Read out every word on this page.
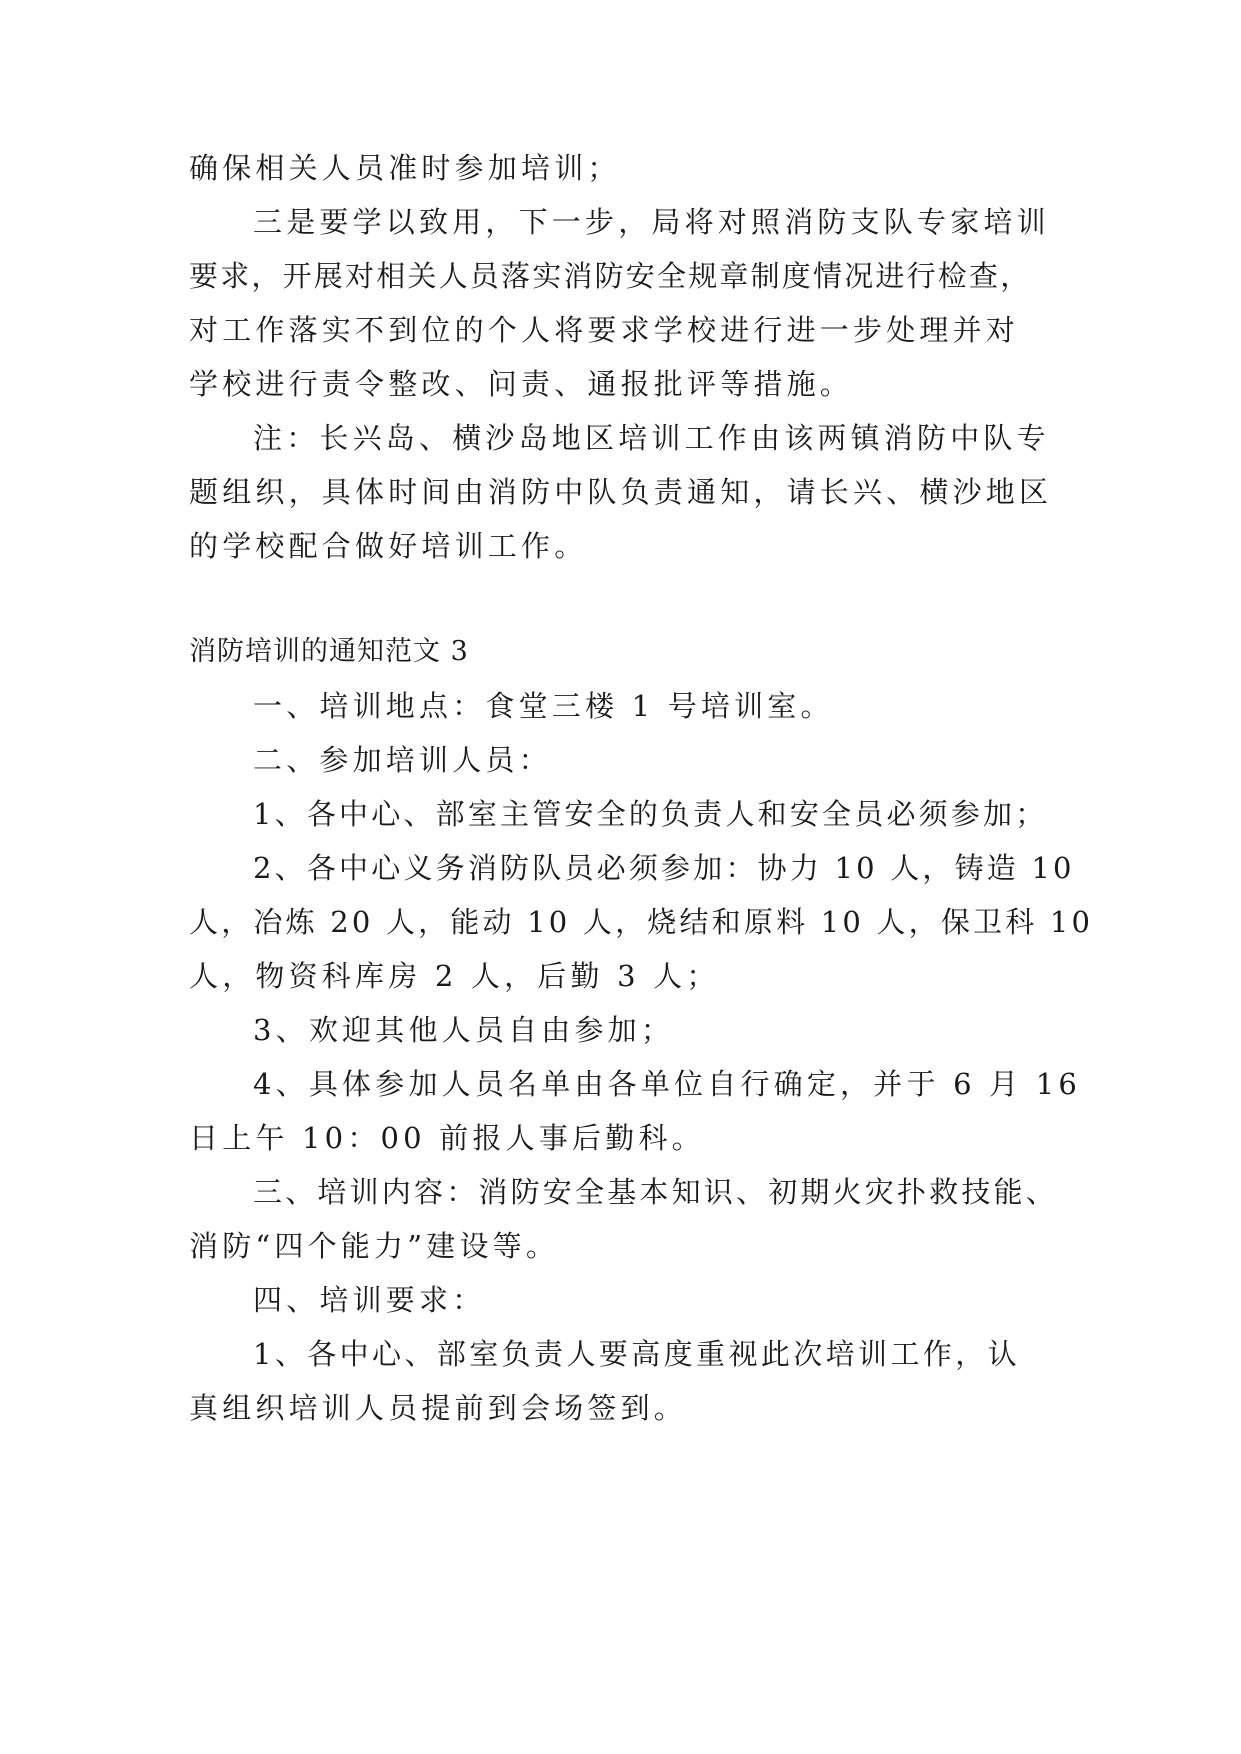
确保相关人员准时参加培训；
三是要学以致用，下一步，局将对照消防支队专家培训
要求，开展对相关人员落实消防安全规章制度情况进行检查，
对工作落实不到位的个人将要求学校进行进一步处理并对
学校进行责令整改、问责、通报批评等措施。
注：长兴岛、横沙岛地区培训工作由该两镇消防中队专
题组织，具体时间由消防中队负责通知，请长兴、横沙地区
的学校配合做好培训工作。
消防培训的通知范文 3
一、培训地点：食堂三楼 1 号培训室。
二、参加培训人员：
1、各中心、部室主管安全的负责人和安全员必须参加；
2、各中心义务消防队员必须参加：协力 10 人，铸造 10
人，冶炼 20 人，能动 10 人，烧结和原料 10 人，保卫科 10
人，物资科库房 2 人，后勤 3 人；
3、欢迎其他人员自由参加；
4、具体参加人员名单由各单位自行确定，并于 6 月 16
日上午 10：00 前报人事后勤科。
三、培训内容：消防安全基本知识、初期火灾扑救技能、
消防“四个能力”建设等。
四、培训要求：
1、各中心、部室负责人要高度重视此次培训工作，认
真组织培训人员提前到会场签到。
